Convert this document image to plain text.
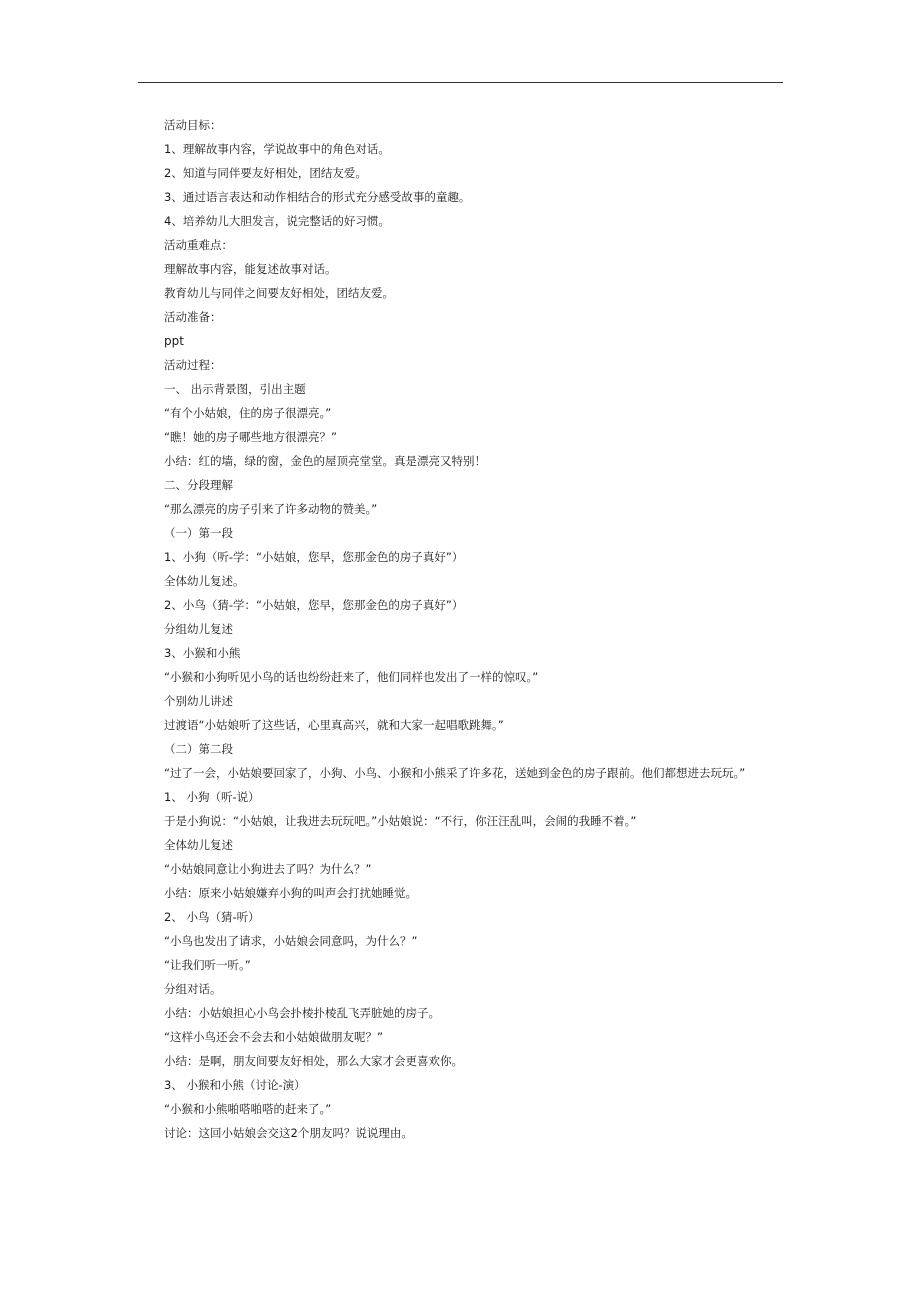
活动目标：
1、理解故事内容，学说故事中的角色对话。
2、知道与同伴要友好相处，团结友爱。
3、通过语言表达和动作相结合的形式充分感受故事的童趣。
4、培养幼儿大胆发言，说完整话的好习惯。
活动重难点：
理解故事内容，能复述故事对话。
教育幼儿与同伴之间要友好相处，团结友爱。
活动准备：
ppt
活动过程：
一、 出示背景图，引出主题
“有个小姑娘，住的房子很漂亮。”
“瞧！她的房子哪些地方很漂亮？”
小结：红的墙，绿的窗，金色的屋顶亮堂堂。真是漂亮又特别！
二、分段理解
“那么漂亮的房子引来了许多动物的赞美。”
（一）第一段
1、小狗（听-学：“小姑娘，您早，您那金色的房子真好”）
全体幼儿复述。
2、小鸟（猜-学：“小姑娘，您早，您那金色的房子真好”）
分组幼儿复述
3、小猴和小熊
“小猴和小狗听见小鸟的话也纷纷赶来了，他们同样也发出了一样的惊叹。”
个别幼儿讲述
过渡语“小姑娘听了这些话，心里真高兴，就和大家一起唱歌跳舞。”
（二）第二段
“过了一会，小姑娘要回家了，小狗、小鸟、小猴和小熊采了许多花，送她到金色的房子跟前。他们都想进去玩玩。”
1、 小狗（听-说）
于是小狗说：“小姑娘，让我进去玩玩吧。”小姑娘说：“不行，你汪汪乱叫，会闹的我睡不着。”
全体幼儿复述
“小姑娘同意让小狗进去了吗？为什么？”
小结：原来小姑娘嫌弃小狗的叫声会打扰她睡觉。
2、 小鸟（猜-听）
“小鸟也发出了请求，小姑娘会同意吗，为什么？”
“让我们听一听。”
分组对话。
小结：小姑娘担心小鸟会扑棱扑棱乱飞弄脏她的房子。
“这样小鸟还会不会去和小姑娘做朋友呢？”
小结：是啊，朋友间要友好相处，那么大家才会更喜欢你。
3、 小猴和小熊（讨论-演）
“小猴和小熊啪嗒啪嗒的赶来了。”
讨论：这回小姑娘会交这2个朋友吗？说说理由。
